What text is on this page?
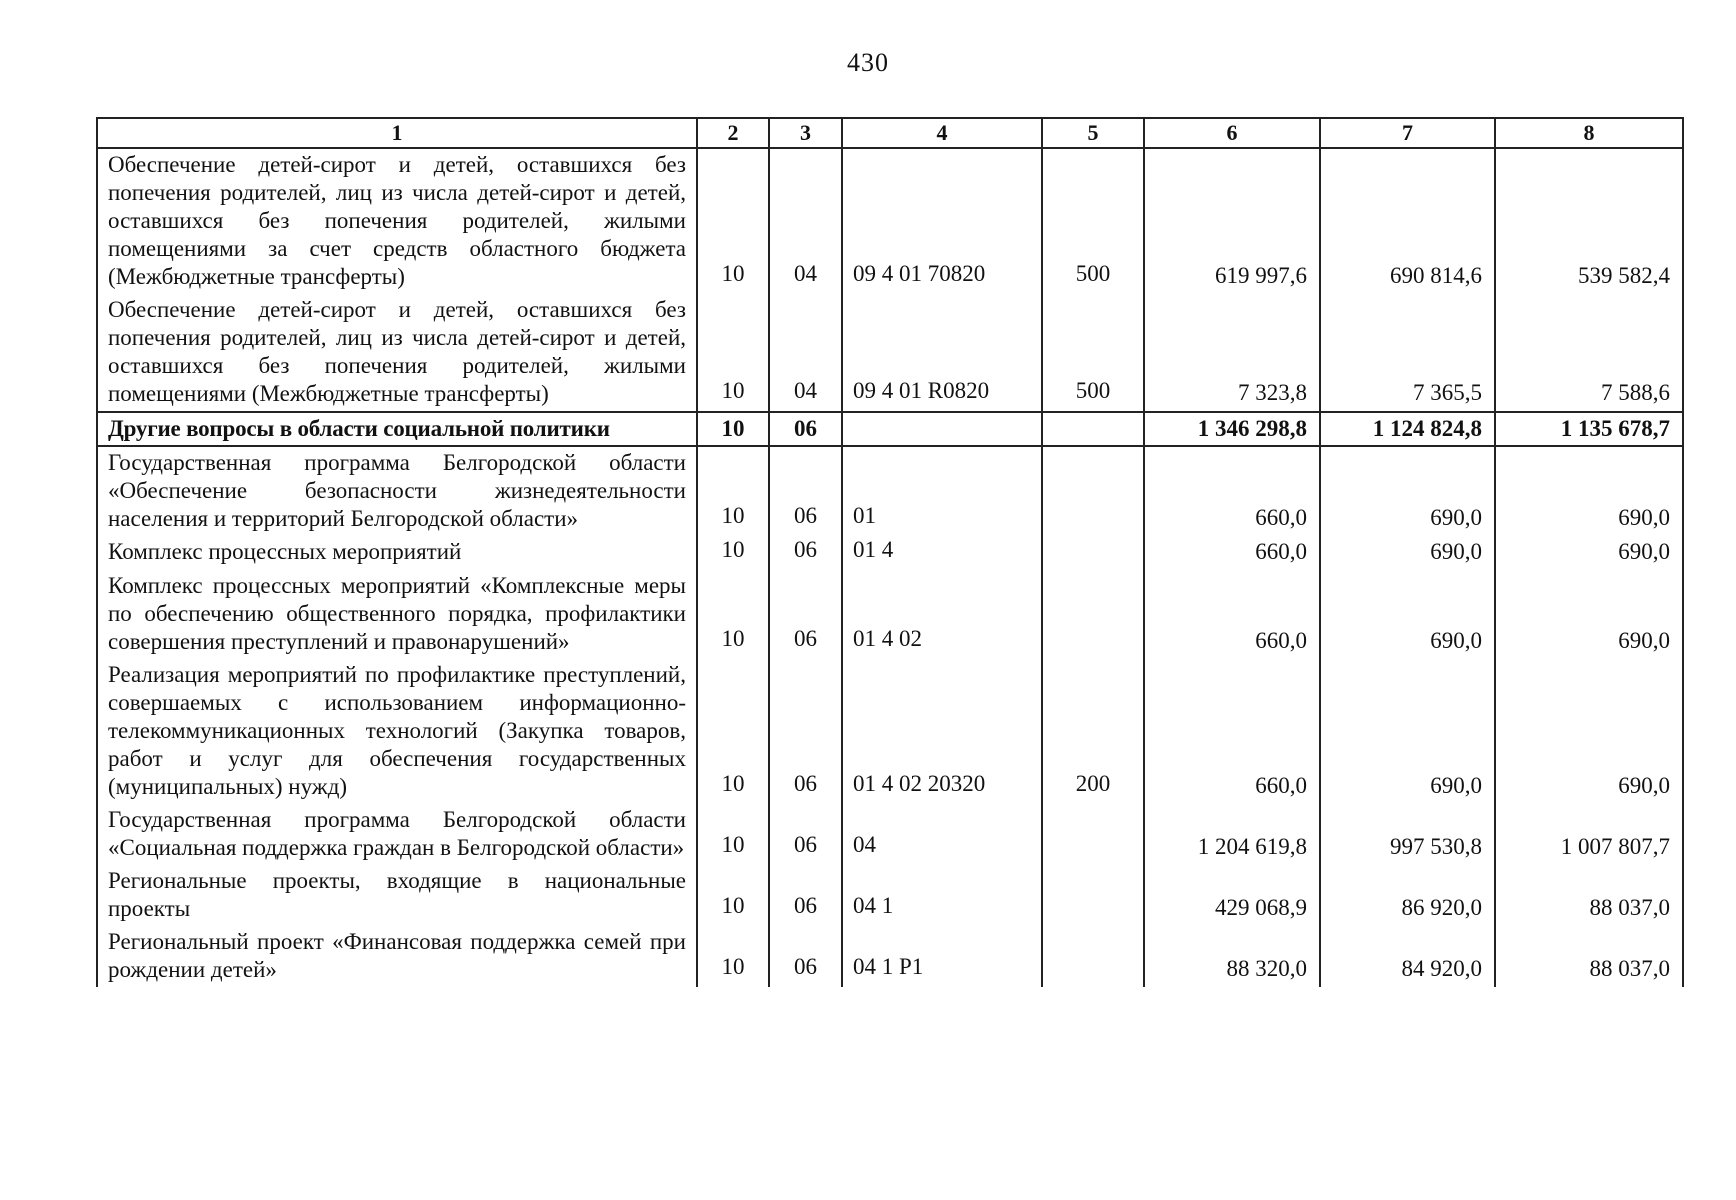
430
1	2	3	4	5	6	7	8
Обеспечение детей-сирот и детей, оставшихся без попечения родителей, лиц из числа детей-сирот и детей, оставшихся без попечения родителей, жилыми помещениями за счет средств областного бюджета (Межбюджетные трансферты)	10	04	09 4 01 70820	500	619 997,6	690 814,6	539 582,4
Обеспечение детей-сирот и детей, оставшихся без попечения родителей, лиц из числа детей-сирот и детей, оставшихся без попечения родителей, жилыми помещениями (Межбюджетные трансферты)	10	04	09 4 01 R0820	500	7 323,8	7 365,5	7 588,6
Другие вопросы в области социальной политики	10	06			1 346 298,8	1 124 824,8	1 135 678,7
Государственная программа Белгородской области «Обеспечение безопасности жизнедеятельности населения и территорий Белгородской области»	10	06	01		660,0	690,0	690,0
Комплекс процессных мероприятий	10	06	01 4		660,0	690,0	690,0
Комплекс процессных мероприятий «Комплексные меры по обеспечению общественного порядка, профилактики совершения преступлений и правонарушений»	10	06	01 4 02		660,0	690,0	690,0
Реализация мероприятий по профилактике преступлений, совершаемых с использованием информационно-телекоммуникационных технологий (Закупка товаров, работ и услуг для обеспечения государственных (муниципальных) нужд)	10	06	01 4 02 20320	200	660,0	690,0	690,0
Государственная программа Белгородской области «Социальная поддержка граждан в Белгородской области»	10	06	04		1 204 619,8	997 530,8	1 007 807,7
Региональные проекты, входящие в национальные проекты	10	06	04 1		429 068,9	86 920,0	88 037,0
Региональный проект «Финансовая поддержка семей при рождении детей»	10	06	04 1 P1		88 320,0	84 920,0	88 037,0
